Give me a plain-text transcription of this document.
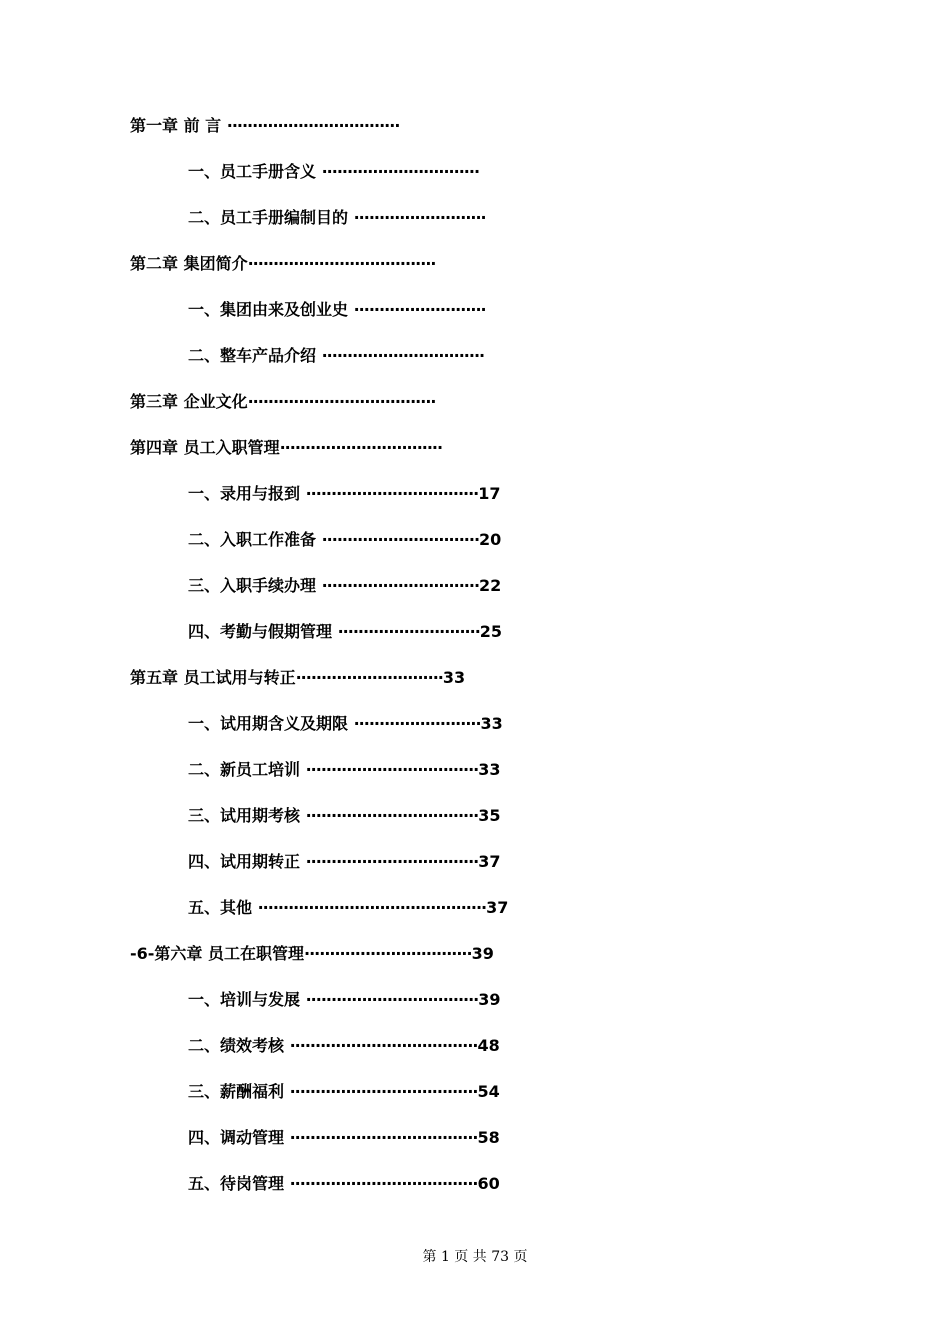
第一章 前 言 ··································
一、员工手册含义 ·······························
二、员工手册编制目的 ··························
第二章 集团简介·····································
一、集团由来及创业史 ··························
二、整车产品介绍 ································
第三章 企业文化·····································
第四章 员工入职管理································
一、录用与报到 ··································17
二、入职工作准备 ·······························20
三、入职手续办理 ·······························22
四、考勤与假期管理 ····························25
第五章 员工试用与转正·····························33
一、试用期含义及期限 ·························33
二、新员工培训 ··································33
三、试用期考核 ··································35
四、试用期转正 ··································37
五、其他 ·············································37
-6-第六章 员工在职管理·································39
一、培训与发展 ··································39
二、绩效考核 ·····································48
三、薪酬福利 ·····································54
四、调动管理 ·····································58
五、待岗管理 ·····································60
第 1 页 共 73 页
